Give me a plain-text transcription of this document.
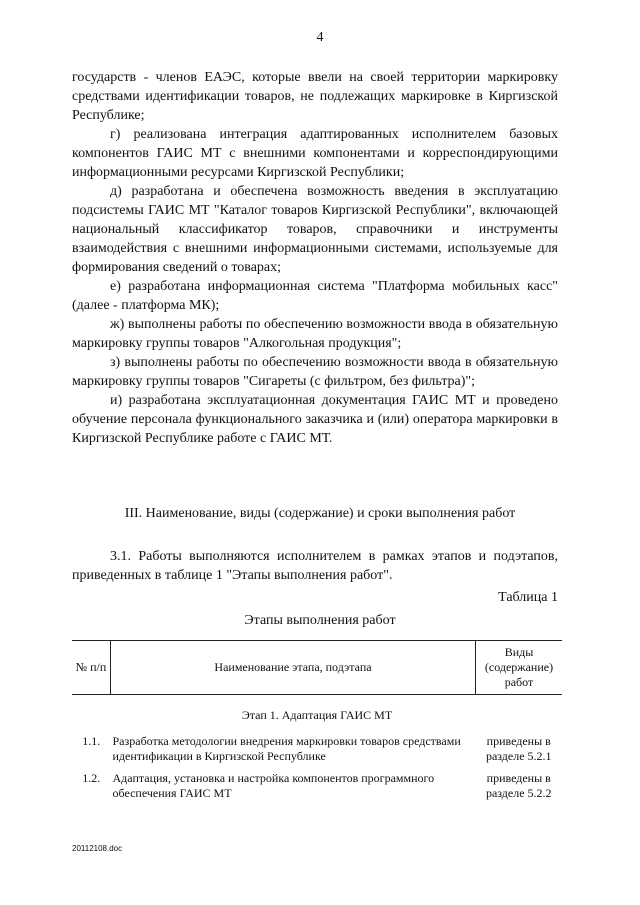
4

государств - членов ЕАЭС, которые ввели на своей территории маркировку средствами идентификации товаров, не подлежащих маркировке в Киргизской Республике;

г) реализована интеграция адаптированных исполнителем базовых компонентов ГАИС МТ с внешними компонентами и корреспондирующими информационными ресурсами Киргизской Республики;

д) разработана и обеспечена возможность введения в эксплуатацию подсистемы ГАИС МТ "Каталог товаров Киргизской Республики", включающей национальный классификатор товаров, справочники и инструменты взаимодействия с внешними информационными системами, используемые для формирования сведений о товарах;

е) разработана информационная система "Платформа мобильных касс" (далее - платформа МК);

ж) выполнены работы по обеспечению возможности ввода в обязательную маркировку группы товаров "Алкогольная продукция";

з) выполнены работы по обеспечению возможности ввода в обязательную маркировку группы товаров "Сигареты (с фильтром, без фильтра)";

и) разработана эксплуатационная документация ГАИС МТ и проведено обучение персонала функционального заказчика и (или) оператора маркировки в Киргизской Республике работе с ГАИС МТ.

III. Наименование, виды (содержание) и сроки выполнения работ

3.1. Работы выполняются исполнителем в рамках этапов и подэтапов, приведенных в таблице 1 "Этапы выполнения работ".

Таблица 1
Этапы выполнения работ
№ п/п	Наименование этапа, подэтапа	Виды (содержание) работ
Этап 1. Адаптация ГАИС МТ		
1.1.	Разработка методологии внедрения маркировки товаров средствами идентификации в Киргизской Республике	приведены в разделе 5.2.1
1.2.	Адаптация, установка и настройка компонентов программного обеспечения ГАИС МТ	приведены в разделе 5.2.2
20112108.doc
